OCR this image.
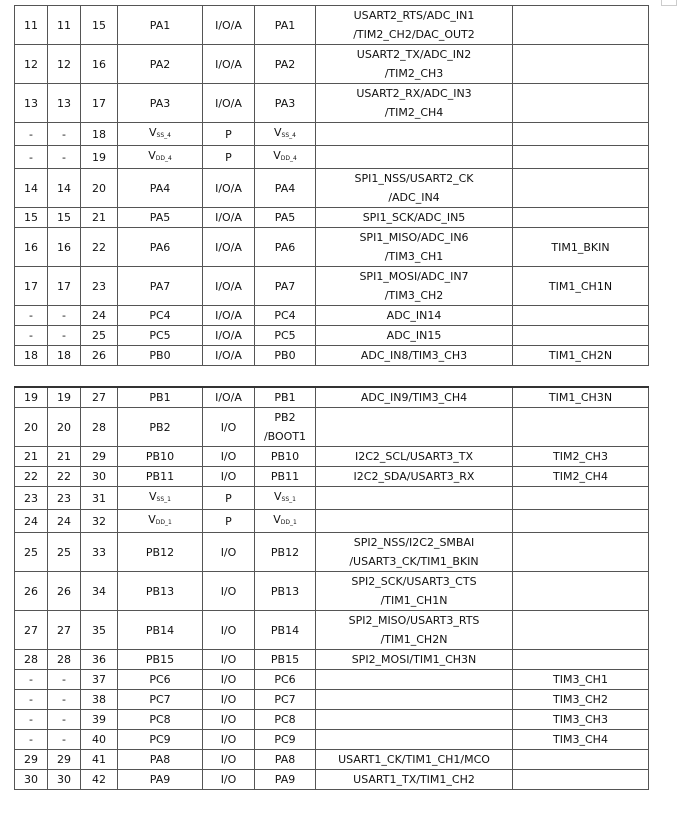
11	11	15	PA1	I/O/A	PA1	USART2_RTS/ADC_IN1
/TIM2_CH2/DAC_OUT2	

12	12	16	PA2	I/O/A	PA2	USART2_TX/ADC_IN2
/TIM2_CH3	

13	13	17	PA3	I/O/A	PA3	USART2_RX/ADC_IN3
/TIM2_CH4	

-	-	18	VSS_4	P	VSS_4		

-	-	19	VDD_4	P	VDD_4		

14	14	20	PA4	I/O/A	PA4	SPI1_NSS/USART2_CK
/ADC_IN4	

15	15	21	PA5	I/O/A	PA5	SPI1_SCK/ADC_IN5	

16	16	22	PA6	I/O/A	PA6	SPI1_MISO/ADC_IN6
/TIM3_CH1	TIM1_BKIN

17	17	23	PA7	I/O/A	PA7	SPI1_MOSI/ADC_IN7
/TIM3_CH2	TIM1_CH1N

-	-	24	PC4	I/O/A	PC4	ADC_IN14	

-	-	25	PC5	I/O/A	PC5	ADC_IN15	

18	18	26	PB0	I/O/A	PB0	ADC_IN8/TIM3_CH3	TIM1_CH2N
19	19	27	PB1	I/O/A	PB1	ADC_IN9/TIM3_CH4	TIM1_CH3N

20	20	28	PB2	I/O	PB2
/BOOT1		

21	21	29	PB10	I/O	PB10	I2C2_SCL/USART3_TX	TIM2_CH3

22	22	30	PB11	I/O	PB11	I2C2_SDA/USART3_RX	TIM2_CH4

23	23	31	VSS_1	P	VSS_1		

24	24	32	VDD_1	P	VDD_1		

25	25	33	PB12	I/O	PB12	SPI2_NSS/I2C2_SMBAI
/USART3_CK/TIM1_BKIN	

26	26	34	PB13	I/O	PB13	SPI2_SCK/USART3_CTS
/TIM1_CH1N	

27	27	35	PB14	I/O	PB14	SPI2_MISO/USART3_RTS
/TIM1_CH2N	

28	28	36	PB15	I/O	PB15	SPI2_MOSI/TIM1_CH3N	

-	-	37	PC6	I/O	PC6		TIM3_CH1

-	-	38	PC7	I/O	PC7		TIM3_CH2

-	-	39	PC8	I/O	PC8		TIM3_CH3

-	-	40	PC9	I/O	PC9		TIM3_CH4

29	29	41	PA8	I/O	PA8	USART1_CK/TIM1_CH1/MCO	

30	30	42	PA9	I/O	PA9	USART1_TX/TIM1_CH2	
